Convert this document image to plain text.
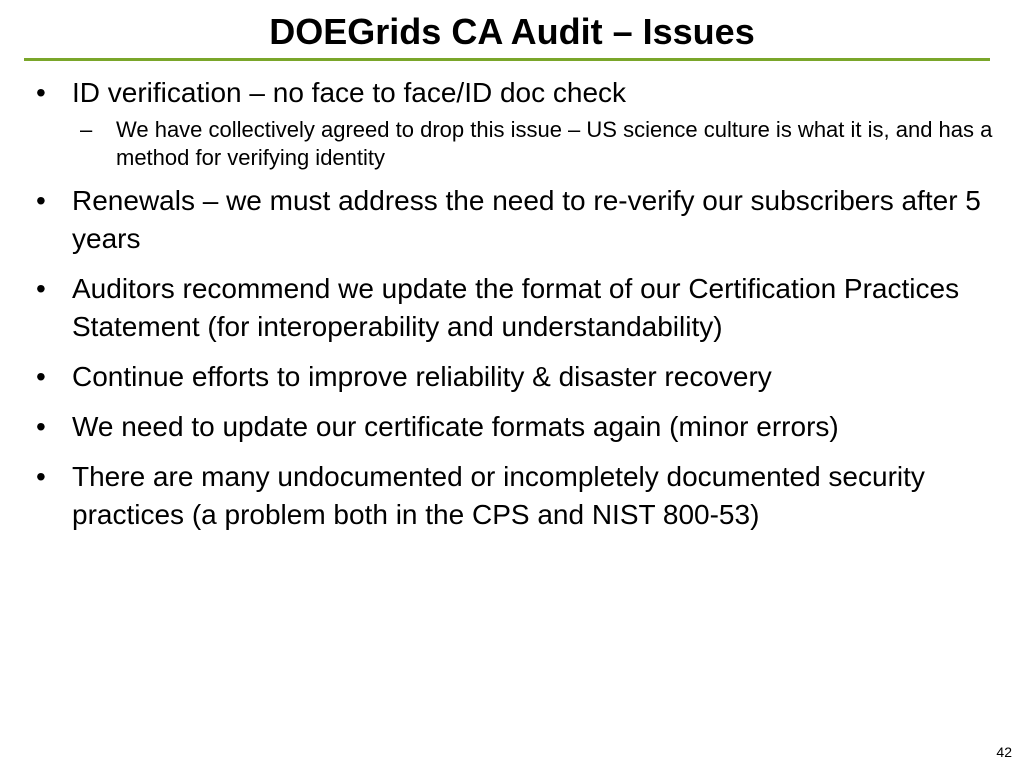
DOEGrids CA Audit – Issues
• ID verification – no face to face/ID doc check
– We have collectively agreed to drop this issue – US science culture is what it is, and has a method for verifying identity
• Renewals – we must address the need to re-verify our subscribers after 5 years
• Auditors recommend we update the format of our Certification Practices Statement (for interoperability and understandability)
• Continue efforts to improve reliability & disaster recovery
• We need to update our certificate formats again (minor errors)
• There are many undocumented or incompletely documented security practices (a problem both in the CPS and NIST 800-53)
42
